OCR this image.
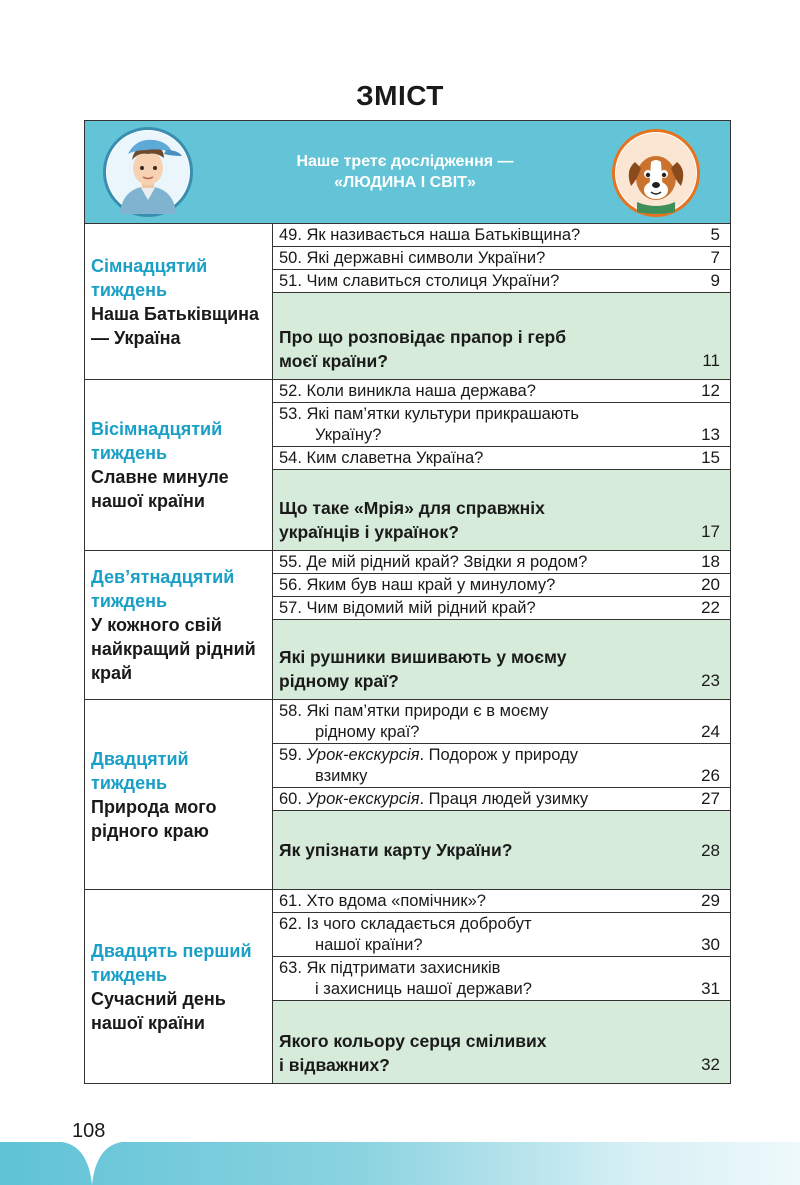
ЗМІСТ
Наше третє дослідження —
«ЛЮДИНА І СВІТ»
Сімнадцятий тиждень
Наша Батьківщина — Україна
49. Як називається наша Батьківщина?	5
50. Які державні символи України?	7
51. Чим славиться столиця України?	9
Про що розповідає прапор і герб
моєї країни?	11
Вісімнадцятий тиждень
Славне минуле нашої країни
52. Коли виникла наша держава?	12
53. Які пам’ятки культури прикрашають
Україну?	13
54. Ким славетна Україна?	15
Що таке «Мрія» для справжніх
українців і українок?	17
Дев’ятнадцятий тиждень
У кожного свій найкращий рідний край
55. Де мій рідний край? Звідки я родом?	18
56. Яким був наш край у минулому?	20
57. Чим відомий мій рідний край?	22
Які рушники вишивають у моєму
рідному краї?	23
Двадцятий тиждень
Природа мого рідного краю
58. Які пам’ятки природи є в моєму
рідному краї?	24
59. Урок-екскурсія. Подорож у природу
взимку	26
60. Урок-екскурсія. Праця людей узимку	27
Як упізнати карту України?	28
Двадцять перший тиждень
Сучасний день нашої країни
61. Хто вдома «помічник»?	29
62. Із чого складається добробут
нашої країни?	30
63. Як підтримати захисників
і захисниць нашої держави?	31
Якого кольору серця сміливих
і відважних?	32
108
